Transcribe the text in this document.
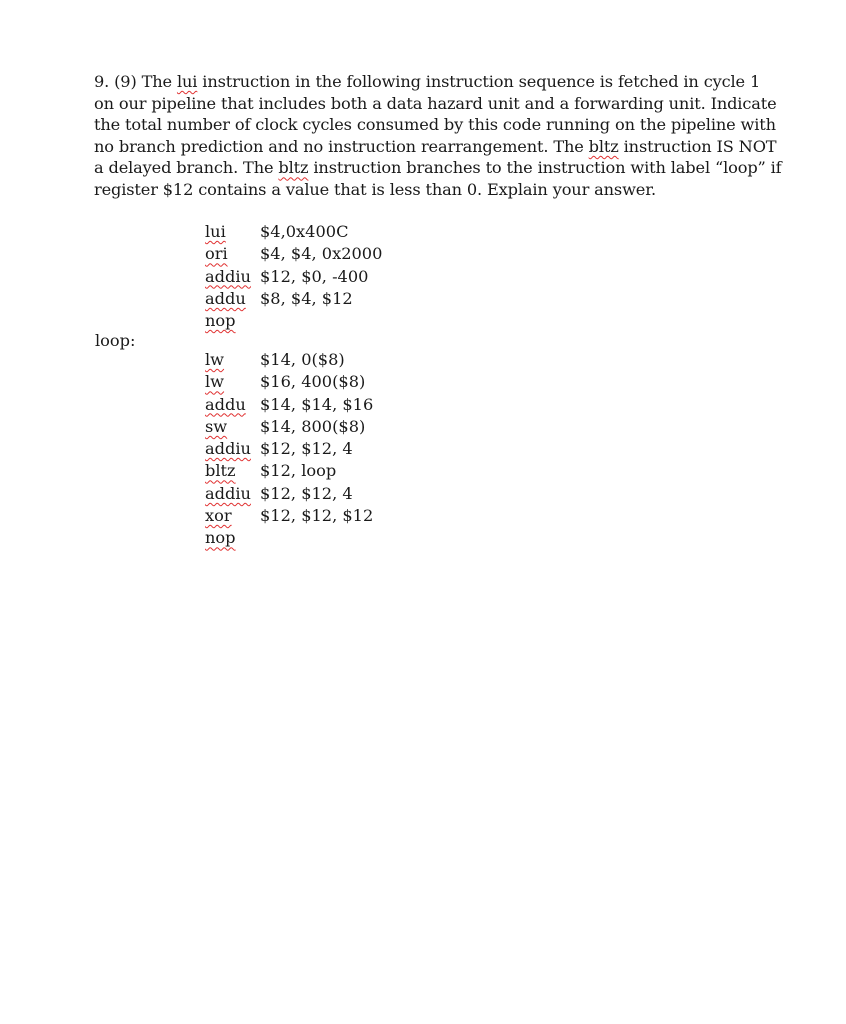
9. (9) The lui instruction in the following instruction sequence is fetched in cycle 1
on our pipeline that includes both a data hazard unit and a forwarding unit. Indicate
the total number of clock cycles consumed by this code running on the pipeline with
no branch prediction and no instruction rearrangement. The bltz instruction IS NOT
a delayed branch. The bltz instruction branches to the instruction with label “loop” if
register $12 contains a value that is less than 0. Explain your answer.

lui	$4,0x400C
ori	$4, $4, 0x2000
addiu $12, $0, -400
addu $8, $4, $12
nop
loop:
lw	$14, 0($8)
lw	$16, 400($8)
addu $14, $14, $16
sw	$14, 800($8)
addiu $12, $12, 4
bltz	$12, loop
addiu $12, $12, 4
xor	$12, $12, $12
nop
